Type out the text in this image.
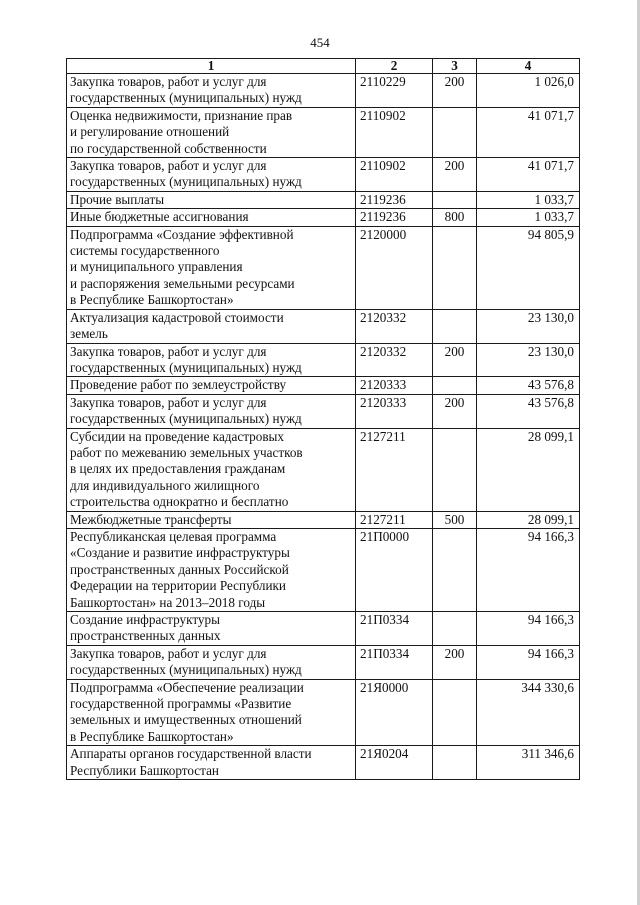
454
1	2	3	4

Закупка товаров, работ и услуг для
государственных (муниципальных) нужд	2110229	200	1 026,0

Оценка недвижимости, признание прав
и регулирование отношений
по государственной собственности	2110902		41 071,7

Закупка товаров, работ и услуг для
государственных (муниципальных) нужд	2110902	200	41 071,7

Прочие выплаты	2119236		1 033,7

Иные бюджетные ассигнования	2119236	800	1 033,7

Подпрограмма «Создание эффективной
системы государственного
и муниципального управления
и распоряжения земельными ресурсами
в Республике Башкортостан»	2120000		94 805,9

Актуализация кадастровой стоимости
земель	2120332		23 130,0

Закупка товаров, работ и услуг для
государственных (муниципальных) нужд	2120332	200	23 130,0

Проведение работ по землеустройству	2120333		43 576,8

Закупка товаров, работ и услуг для
государственных (муниципальных) нужд	2120333	200	43 576,8

Субсидии на проведение кадастровых
работ по межеванию земельных участков
в целях их предоставления гражданам
для индивидуального жилищного
строительства однократно и бесплатно	2127211		28 099,1

Межбюджетные трансферты	2127211	500	28 099,1

Республиканская целевая программа
«Создание и развитие инфраструктуры
пространственных данных Российской
Федерации на территории Республики
Башкортостан» на 2013–2018 годы	21П0000		94 166,3

Создание инфраструктуры
пространственных данных	21П0334		94 166,3

Закупка товаров, работ и услуг для
государственных (муниципальных) нужд	21П0334	200	94 166,3

Подпрограмма «Обеспечение реализации
государственной программы «Развитие
земельных и имущественных отношений
в Республике Башкортостан»	21Я0000		344 330,6

Аппараты органов государственной власти
Республики Башкортостан	21Я0204		311 346,6
